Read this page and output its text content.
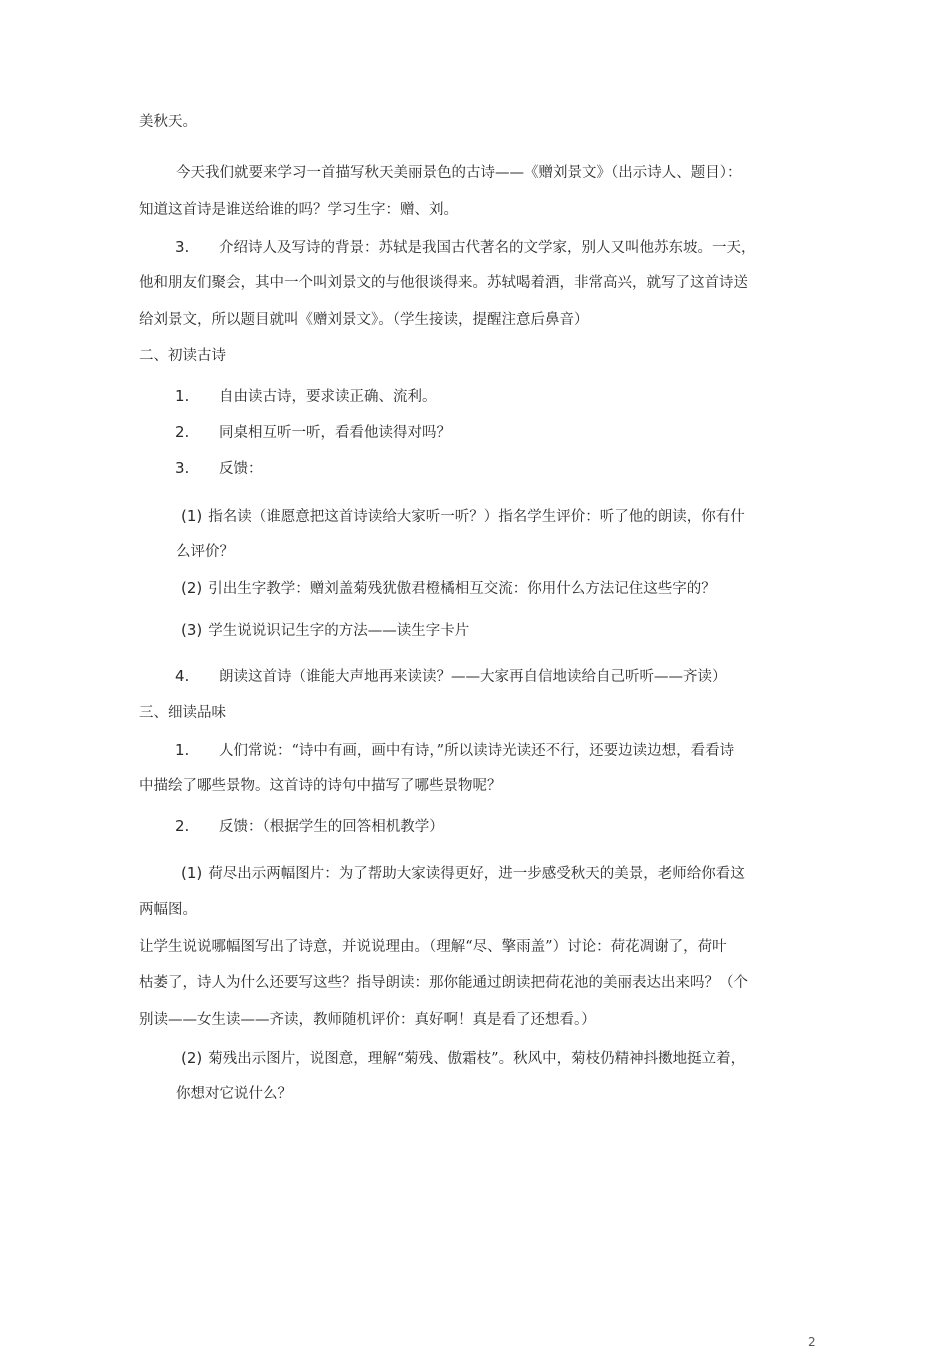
美秋天。
今天我们就要来学习一首描写秋天美丽景色的古诗——《赠刘景文》（出示诗人、题目）：
知道这首诗是谁送给谁的吗？学习生字：赠、刘。
3. 介绍诗人及写诗的背景：苏轼是我国古代著名的文学家，别人又叫他苏东坡。一天，
他和朋友们聚会，其中一个叫刘景文的与他很谈得来。苏轼喝着酒，非常高兴，就写了这首诗送
给刘景文，所以题目就叫《赠刘景文》。（学生接读，提醒注意后鼻音）
二、初读古诗
1. 自由读古诗，要求读正确、流利。
2. 同桌相互听一听，看看他读得对吗？
3. 反馈：
(1) 指名读（谁愿意把这首诗读给大家听一听？）指名学生评价：听了他的朗读，你有什
么评价？
(2) 引出生字教学：赠刘盖菊残犹傲君橙橘相互交流：你用什么方法记住这些字的？
(3) 学生说说识记生字的方法——读生字卡片
4. 朗读这首诗（谁能大声地再来读读？——大家再自信地读给自己听听——齐读）
三、细读品味
1. 人们常说：“诗中有画，画中有诗，”所以读诗光读还不行，还要边读边想，看看诗
中描绘了哪些景物。这首诗的诗句中描写了哪些景物呢？
2. 反馈：（根据学生的回答相机教学）
(1) 荷尽出示两幅图片：为了帮助大家读得更好，进一步感受秋天的美景，老师给你看这
两幅图。
让学生说说哪幅图写出了诗意，并说说理由。（理解“尽、擎雨盖”）讨论：荷花凋谢了，荷叶
枯萎了，诗人为什么还要写这些？指导朗读：那你能通过朗读把荷花池的美丽表达出来吗？（个
别读——女生读——齐读，教师随机评价：真好啊！真是看了还想看。）
(2) 菊残出示图片，说图意，理解“菊残、傲霜枝”。秋风中，菊枝仍精神抖擞地挺立着，
你想对它说什么？
2
